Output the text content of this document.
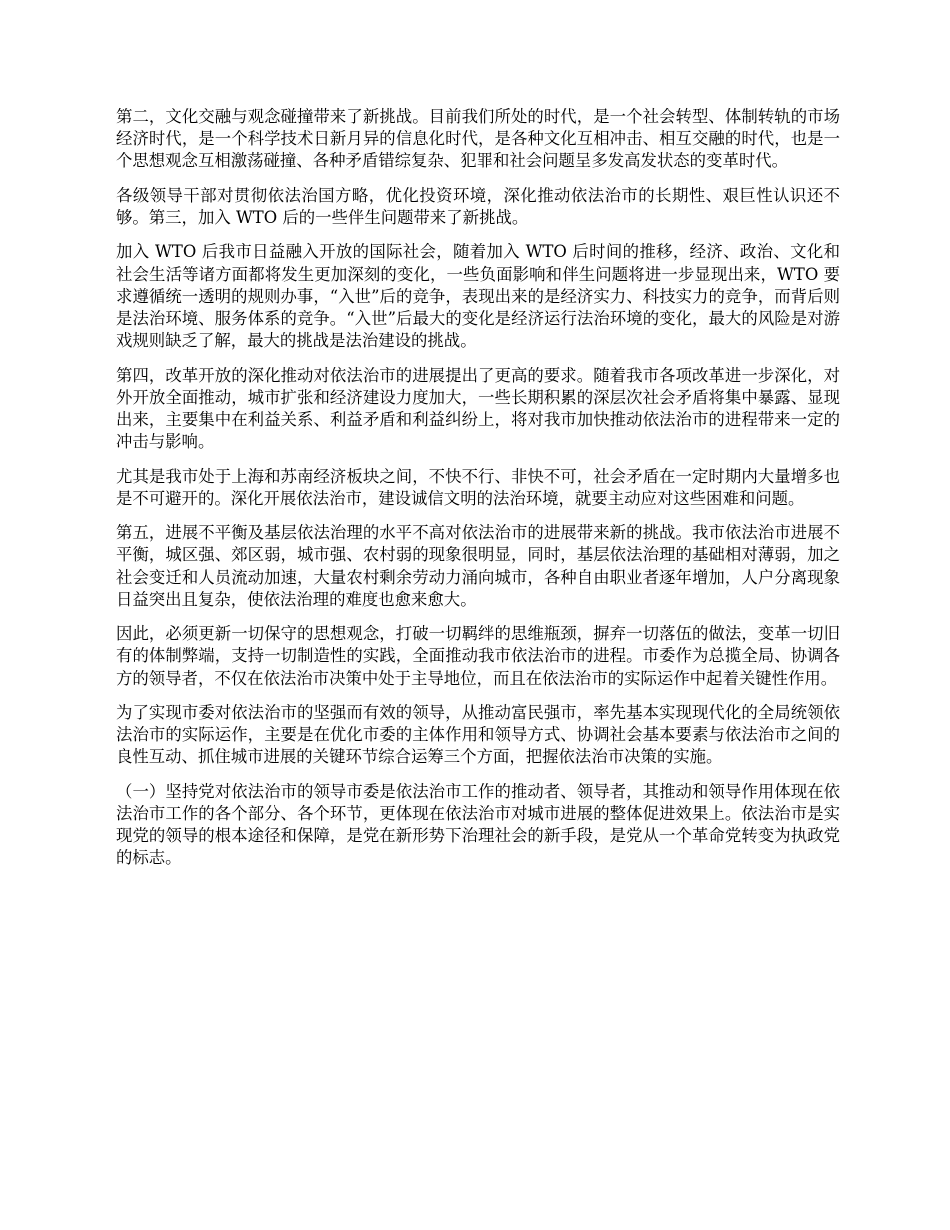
第二，文化交融与观念碰撞带来了新挑战。目前我们所处的时代，是一个社会转型、体制转轨的市场经济时代，是一个科学技术日新月异的信息化时代，是各种文化互相冲击、相互交融的时代，也是一个思想观念互相激荡碰撞、各种矛盾错综复杂、犯罪和社会问题呈多发高发状态的变革时代。

各级领导干部对贯彻依法治国方略，优化投资环境，深化推动依法治市的长期性、艰巨性认识还不够。第三，加入 WTO 后的一些伴生问题带来了新挑战。

加入 WTO 后我市日益融入开放的国际社会，随着加入 WTO 后时间的推移，经济、政治、文化和社会生活等诸方面都将发生更加深刻的变化，一些负面影响和伴生问题将进一步显现出来，WTO 要求遵循统一透明的规则办事，“入世”后的竞争，表现出来的是经济实力、科技实力的竞争，而背后则是法治环境、服务体系的竞争。“入世”后最大的变化是经济运行法治环境的变化，最大的风险是对游戏规则缺乏了解，最大的挑战是法治建设的挑战。

第四，改革开放的深化推动对依法治市的进展提出了更高的要求。随着我市各项改革进一步深化，对外开放全面推动，城市扩张和经济建设力度加大，一些长期积累的深层次社会矛盾将集中暴露、显现出来，主要集中在利益关系、利益矛盾和利益纠纷上，将对我市加快推动依法治市的进程带来一定的冲击与影响。

尤其是我市处于上海和苏南经济板块之间，不快不行、非快不可，社会矛盾在一定时期内大量增多也是不可避开的。深化开展依法治市，建设诚信文明的法治环境，就要主动应对这些困难和问题。

第五，进展不平衡及基层依法治理的水平不高对依法治市的进展带来新的挑战。我市依法治市进展不平衡，城区强、郊区弱，城市强、农村弱的现象很明显，同时，基层依法治理的基础相对薄弱，加之社会变迁和人员流动加速，大量农村剩余劳动力涌向城市，各种自由职业者逐年增加，人户分离现象日益突出且复杂，使依法治理的难度也愈来愈大。

因此，必须更新一切保守的思想观念，打破一切羁绊的思维瓶颈，摒弃一切落伍的做法，变革一切旧有的体制弊端，支持一切制造性的实践，全面推动我市依法治市的进程。市委作为总揽全局、协调各方的领导者，不仅在依法治市决策中处于主导地位，而且在依法治市的实际运作中起着关键性作用。

为了实现市委对依法治市的坚强而有效的领导，从推动富民强市，率先基本实现现代化的全局统领依法治市的实际运作，主要是在优化市委的主体作用和领导方式、协调社会基本要素与依法治市之间的良性互动、抓住城市进展的关键环节综合运筹三个方面，把握依法治市决策的实施。

（一）坚持党对依法治市的领导市委是依法治市工作的推动者、领导者，其推动和领导作用体现在依法治市工作的各个部分、各个环节，更体现在依法治市对城市进展的整体促进效果上。依法治市是实现党的领导的根本途径和保障，是党在新形势下治理社会的新手段，是党从一个革命党转变为执政党的标志。
